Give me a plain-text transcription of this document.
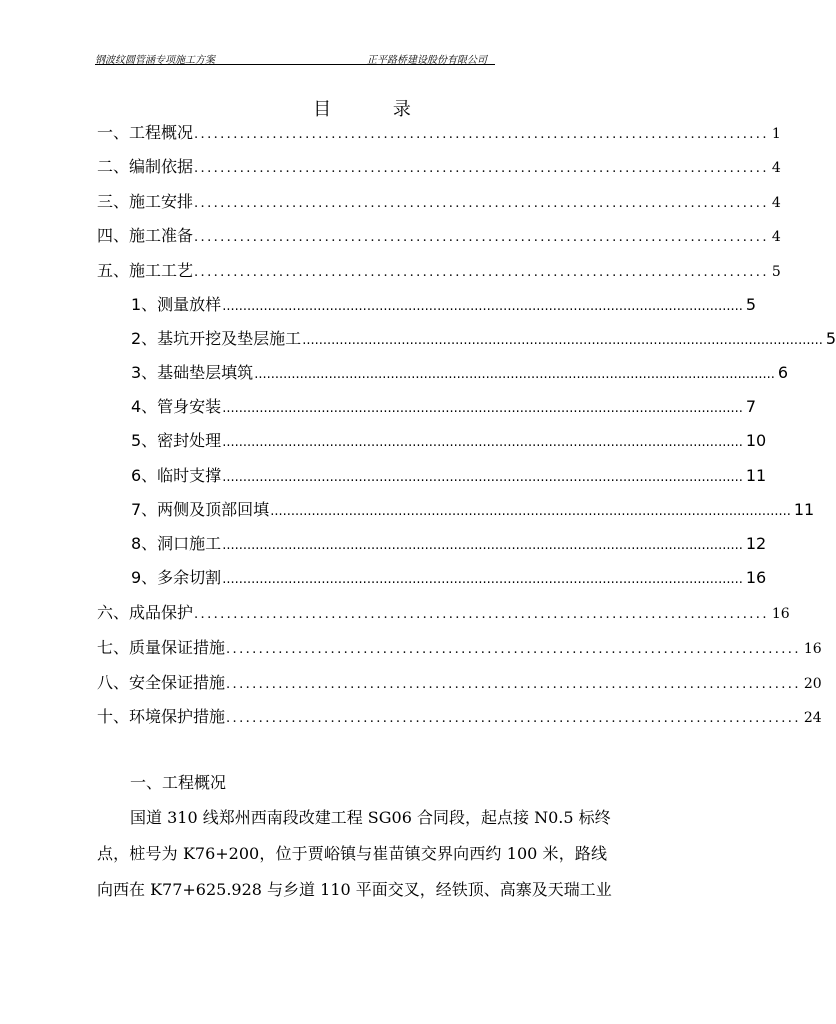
钢波纹圆管涵专项施工方案	正平路桥建设股份有限公司
目 录
一、工程概况 ........................................................................................ 1
二、编制依据 ........................................................................................ 4
三、施工安排 ........................................................................................ 4
四、施工准备 ........................................................................................ 4
五、施工工艺 ........................................................................................ 5
1、测量放样 .............................................................................................................................. 5
2、基坑开挖及垫层施工 .............................................................................................................................. 5
3、基础垫层填筑 .............................................................................................................................. 6
4、管身安装 .............................................................................................................................. 7
5、密封处理 .............................................................................................................................. 10
6、临时支撑 .............................................................................................................................. 11
7、两侧及顶部回填 .............................................................................................................................. 11
8、洞口施工 .............................................................................................................................. 12
9、多余切割 .............................................................................................................................. 16
六、成品保护 ........................................................................................ 16
七、质量保证措施 ........................................................................................ 16
八、安全保证措施 ........................................................................................ 20
十、环境保护措施 ........................................................................................ 24
一、工程概况
国道 310 线郑州西南段改建工程 SG06 合同段，起点接 N0.5 标终
点，桩号为 K76+200，位于贾峪镇与崔苗镇交界向西约 100 米，路线
向西在 K77+625.928 与乡道 110 平面交叉，经铁顶、高寨及天瑞工业
